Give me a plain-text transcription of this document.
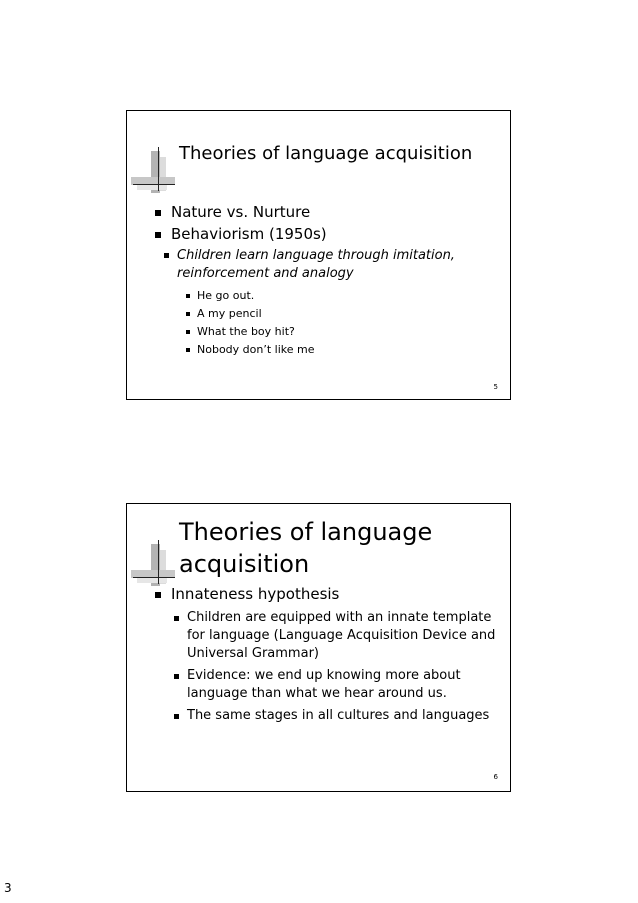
Theories of language acquisition
Nature vs. Nurture
Behaviorism (1950s)
Children learn language through imitation, reinforcement and analogy
He go out.
A my pencil
What the boy hit?
Nobody don’t like me
5
Theories of language acquisition
Innateness hypothesis
Children are equipped with an innate template for language (Language Acquisition Device and Universal Grammar)
Evidence: we end up knowing more about language than what we hear around us.
The same stages in all cultures and languages
6
3
